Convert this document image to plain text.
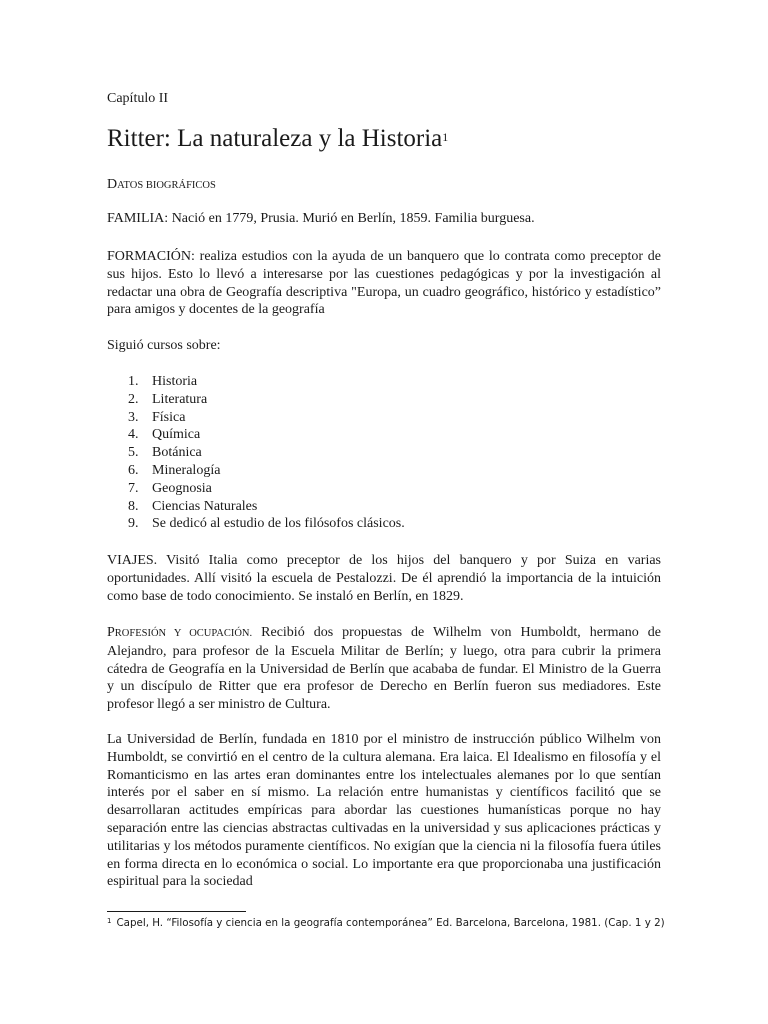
Capítulo II
Ritter: La naturaleza y la Historia$^1$
DATOS BIOGRÁFICOS
FAMILIA: Nació en 1779, Prusia. Murió en Berlín, 1859. Familia burguesa.
FORMACIÓN: realiza estudios con la ayuda de un banquero que lo contrata como preceptor de sus hijos. Esto lo llevó a interesarse por las cuestiones pedagógicas y por la investigación al redactar una obra de Geografía descriptiva "Europa, un cuadro geográfico, histórico y estadístico” para amigos y docentes de la geografía
Siguió cursos sobre:
1. Historia
2. Literatura
3. Física
4. Química
5. Botánica
6. Mineralogía
7. Geognosia
8. Ciencias Naturales
9. Se dedicó al estudio de los filósofos clásicos.
VIAJES. Visitó Italia como preceptor de los hijos del banquero y por Suiza en varias oportunidades. Allí visitó la escuela de Pestalozzi. De él aprendió la importancia de la intuición como base de todo conocimiento. Se instaló en Berlín, en 1829.
PROFESIÓN Y OCUPACIÓN. Recibió dos propuestas de Wilhelm von Humboldt, hermano de Alejandro, para profesor de la Escuela Militar de Berlín; y luego, otra para cubrir la primera cátedra de Geografía en la Universidad de Berlín que acababa de fundar. El Ministro de la Guerra y un discípulo de Ritter que era profesor de Derecho en Berlín fueron sus mediadores. Este profesor llegó a ser ministro de Cultura.
La Universidad de Berlín, fundada en 1810 por el ministro de instrucción público Wilhelm von Humboldt, se convirtió en el centro de la cultura alemana. Era laica. El Idealismo en filosofía y el Romanticismo en las artes eran dominantes entre los intelectuales alemanes por lo que sentían interés por el saber en sí mismo. La relación entre humanistas y científicos facilitó que se desarrollaran actitudes empíricas para abordar las cuestiones humanísticas porque no hay separación entre las ciencias abstractas cultivadas en la universidad y sus aplicaciones prácticas y utilitarias y los métodos puramente científicos. No exigían que la ciencia ni la filosofía fuera útiles en forma directa en lo económica o social. Lo importante era que proporcionaba una justificación espiritual para la sociedad
$^1$ Capel, H. “Filosofía y ciencia en la geografía contemporánea” Ed. Barcelona, Barcelona, 1981. (Cap. 1 y 2)
